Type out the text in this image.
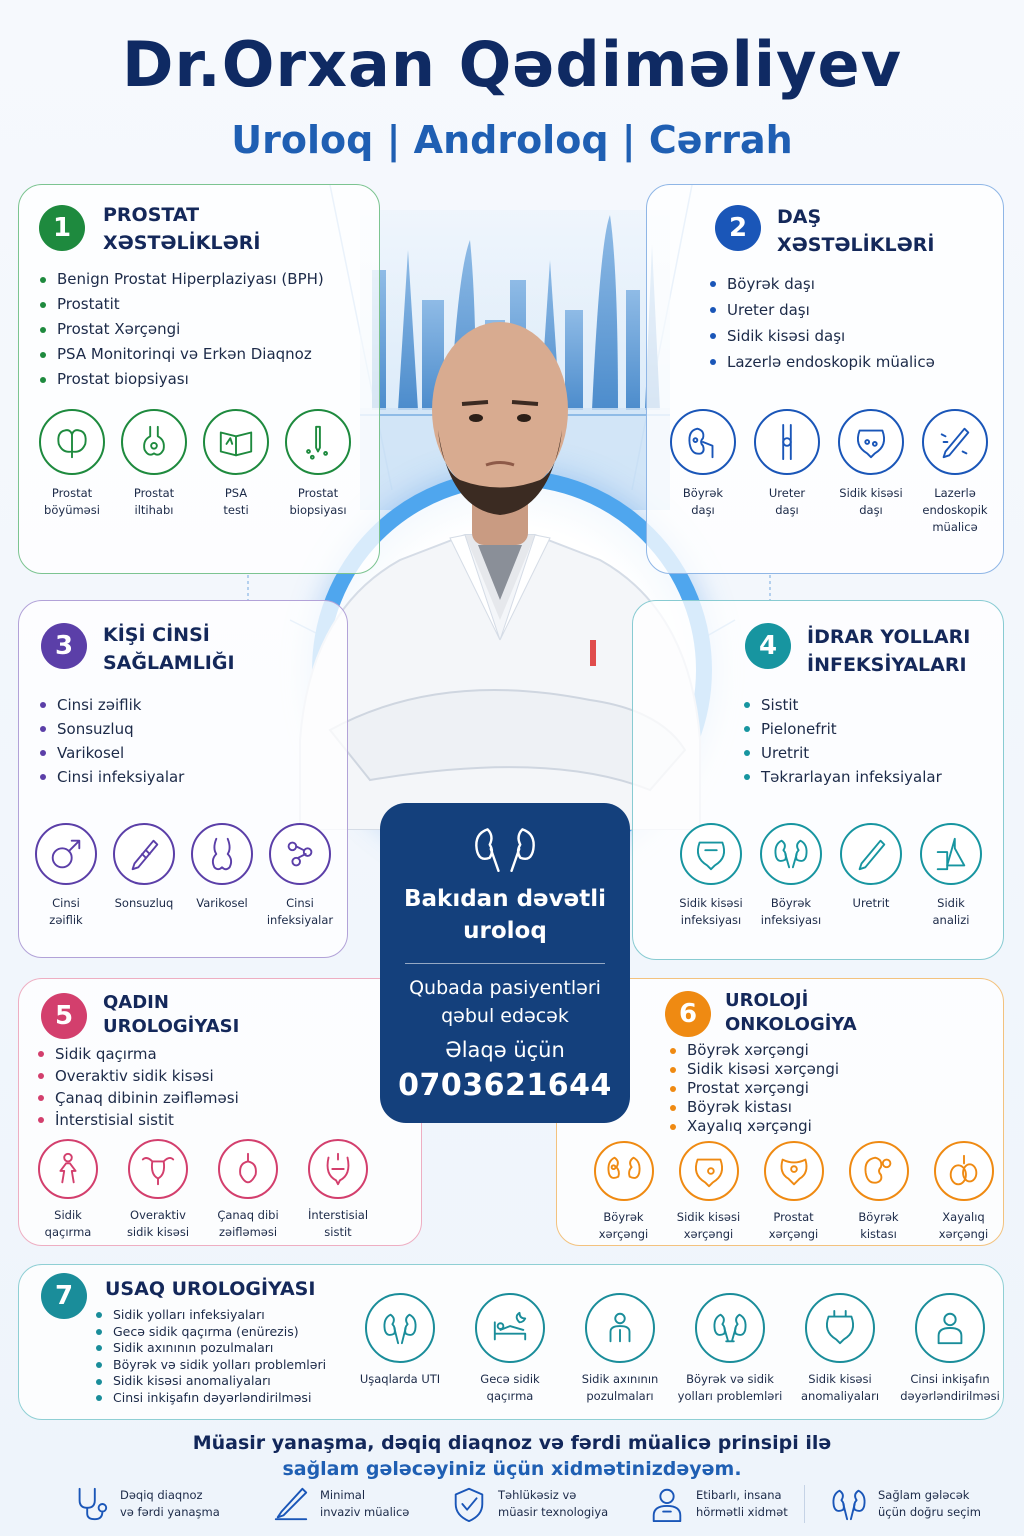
Dr.Orxan Qədiməliyev
Uroloq | Androloq | Cərrah
1	PROSTAT
XƏSTƏLİKLƏRİ
Benign Prostat Hiperplaziyası (BPH)
Prostatit
Prostat Xərçəngi
PSA Monitorinqi və Erkən Diaqnoz
Prostat biopsiyası
Prostat
böyüməsi
Prostat
iltihabı
PSA
testi
Prostat
biopsiyası
2	DAŞ
XƏSTƏLİKLƏRİ
Böyrək daşı
Ureter daşı
Sidik kisəsi daşı
Lazerlə endoskopik müalicə
Böyrək
daşı
Ureter
daşı
Sidik kisəsi
daşı
Lazerlə
endoskopik
müalicə
3	KİŞİ CİNSİ
SAĞLAMLIĞI
Cinsi zəiflik
Sonsuzluq
Varikosel
Cinsi infeksiyalar
Cinsi
zəiflik
Sonsuzluq	Varikosel	Cinsi
infeksiyalar
4	İDRAR YOLLARI
İNFEKSİYALARI
Sistit
Pielonefrit
Uretrit
Təkrarlayan infeksiyalar
Sidik kisəsi
infeksiyası
Böyrək
infeksiyası
Uretrit	Sidik
analizi
5	QADIN
UROLOGİYASI
Sidik qaçırma
Overaktiv sidik kisəsi
Çanaq dibinin zəifləməsi
İnterstisial sistit
Sidik
qaçırma
Overaktiv
sidik kisəsi
Çanaq dibi
zəifləməsi
İnterstisial
sistit
6	UROLOJİ
ONKOLOGİYA
Böyrək xərçəngi
Sidik kisəsi xərçəngi
Prostat xərçəngi
Böyrək kistası
Xayalıq xərçəngi
Böyrək
xərçəngi
Sidik kisəsi
xərçəngi
Prostat
xərçəngi
Böyrək
kistası
Xayalıq
xərçəngi
Bakıdan dəvətli
uroloq
Qubada pasiyentləri
qəbul edəcək
Əlaqə üçün
0703621644
7	USAQ UROLOGİYASI
Sidik yolları infeksiyaları
Gecə sidik qaçırma (enürezis)
Sidik axınının pozulmaları
Böyrək və sidik yolları problemləri
Sidik kisəsi anomaliyaları
Cinsi inkişafın dəyərləndirilməsi
Uşaqlarda UTI	Gecə sidik
qaçırma
Sidik axınının
pozulmaları
Böyrək və sidik
yolları problemləri
Sidik kisəsi
anomaliyaları
Cinsi inkişafın
dəyərləndirilməsi
Müasir yanaşma, dəqiq diaqnoz və fərdi müalicə prinsipi ilə
sağlam gələcəyiniz üçün xidmətinizdəyəm.
Dəqiq diaqnoz
və fərdi yanaşma
Minimal
invaziv müalicə
Təhlükəsiz və
müasir texnologiya
Etibarlı, insana
hörmətli xidmət
Sağlam gələcək
üçün doğru seçim
